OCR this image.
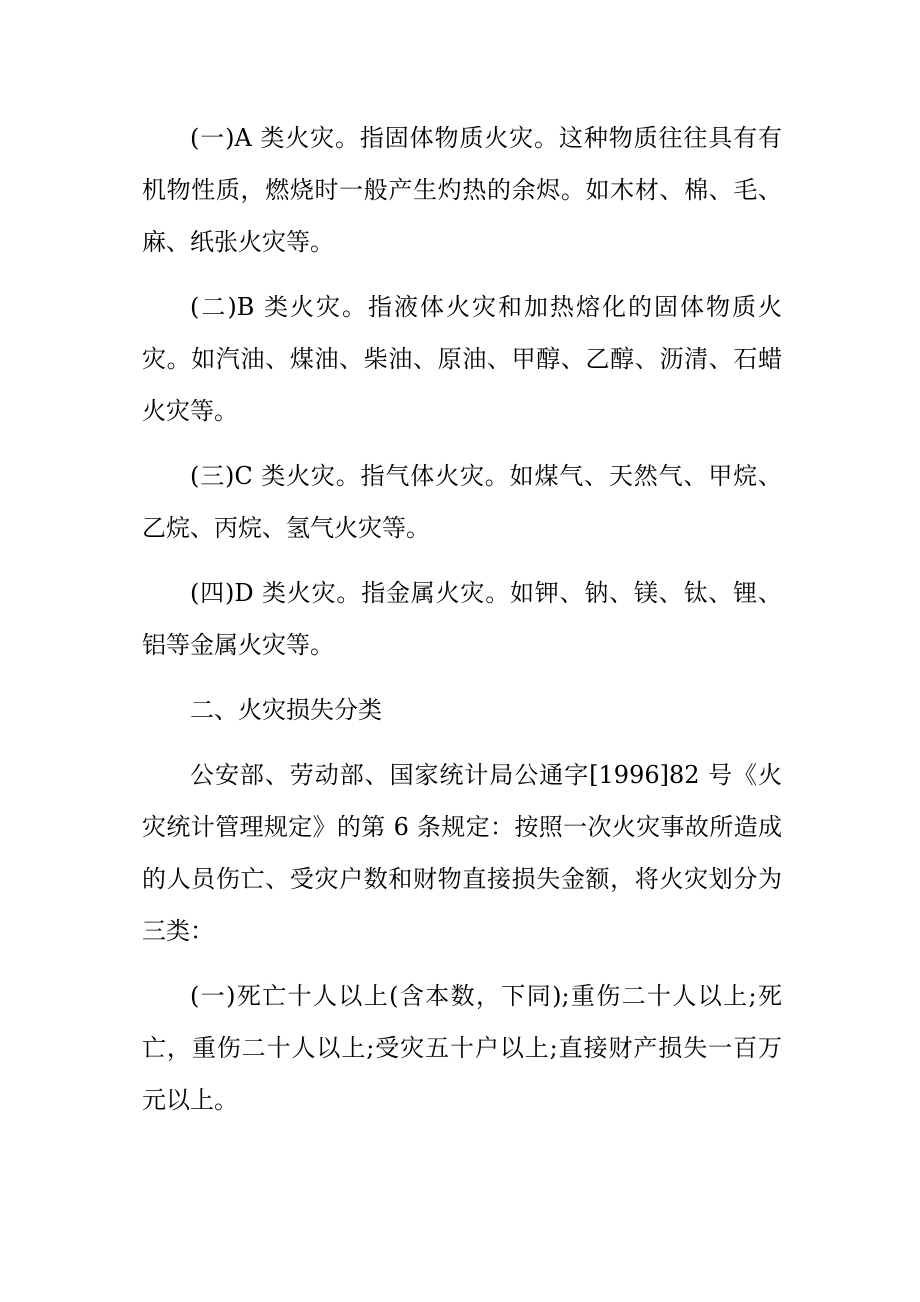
(一)A 类火灾。指固体物质火灾。这种物质往往具有有机物性质，燃烧时一般产生灼热的余烬。如木材、棉、毛、麻、纸张火灾等。

(二)B 类火灾。指液体火灾和加热熔化的固体物质火灾。如汽油、煤油、柴油、原油、甲醇、乙醇、沥清、石蜡火灾等。

(三)C 类火灾。指气体火灾。如煤气、天然气、甲烷、乙烷、丙烷、氢气火灾等。

(四)D 类火灾。指金属火灾。如钾、钠、镁、钛、锂、铝等金属火灾等。

二、火灾损失分类

公安部、劳动部、国家统计局公通字[1996]82 号《火灾统计管理规定》的第 6 条规定：按照一次火灾事故所造成的人员伤亡、受灾户数和财物直接损失金额，将火灾划分为三类：

(一)死亡十人以上(含本数，下同);重伤二十人以上;死亡，重伤二十人以上;受灾五十户以上;直接财产损失一百万元以上。
